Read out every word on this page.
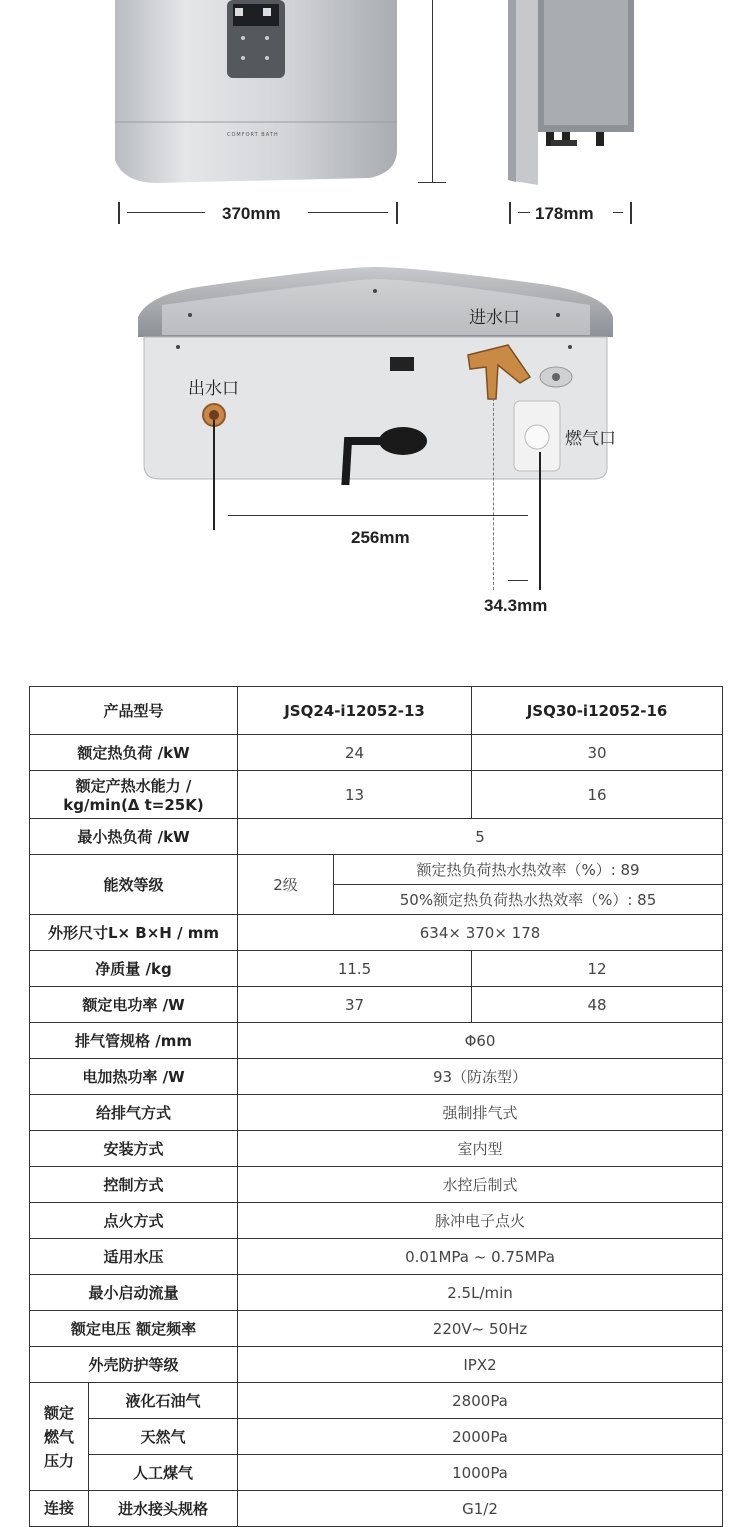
COMFORT BATH
370mm	178mm
进水口
出水口
燃气口
256mm
34.3mm
产品型号		JSQ24-i12052-13		JSQ30-i12052-16
额定热负荷 /kW		24		30

额定产热水能力 /
kg/min(Δ t=25K)		13		16
最小热负荷 /kW		5		
能效等级		2级	额定热负荷热水热效率（%）: 89	
			50%额定热负荷热水热效率（%）: 85	
外形尺寸L× B×H / mm		634× 370× 178		
净质量 /kg		11.5		12
额定电功率 /W		37		48
排气管规格 /mm		Φ60		
电加热功率 /W		93（防冻型）		
给排气方式		强制排气式		
安装方式		室内型		
控制方式		水控后制式		
点火方式		脉冲电子点火		
适用水压		0.01MPa ~ 0.75MPa		
最小启动流量		2.5L/min		
额定电压 额定频率		220V~ 50Hz		
外壳防护等级		IPX2		
额定燃气压力	液化石油气	2800Pa		
	天然气	2000Pa		
	人工煤气	1000Pa		
连接	进水接头规格	G1/2		
